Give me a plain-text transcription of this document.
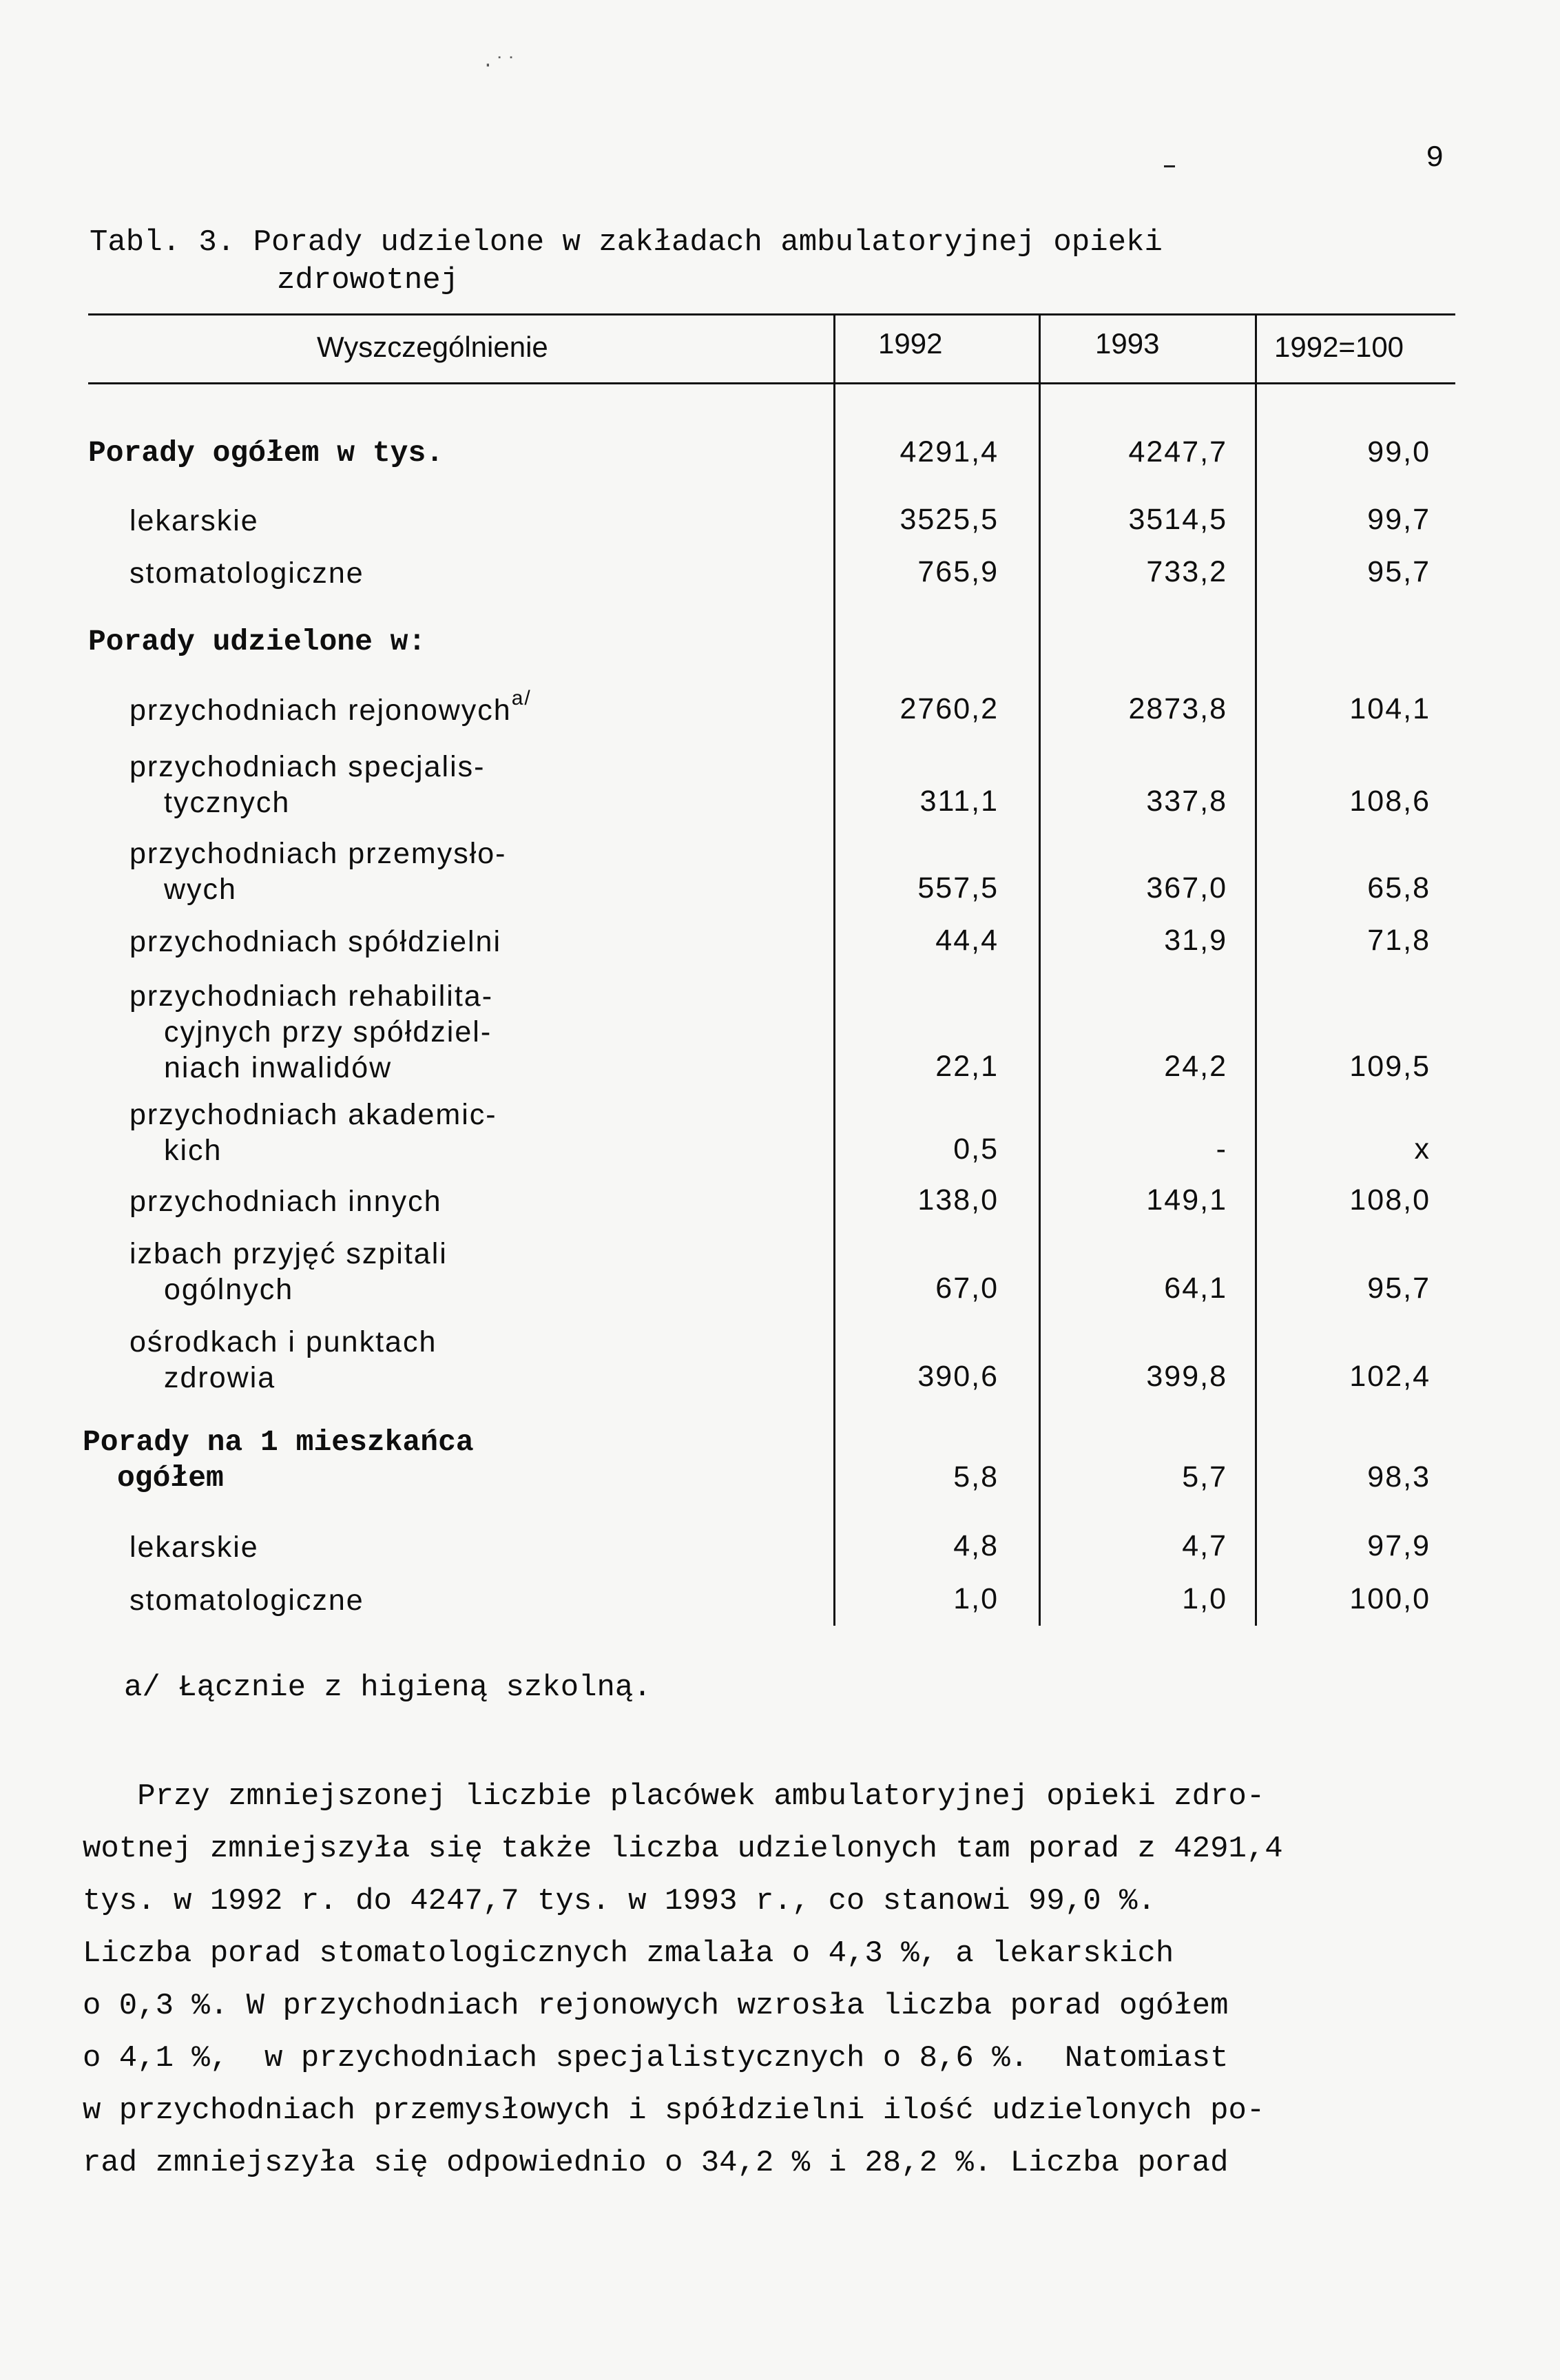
·˙˙
9
Tabl. 3. Porady udzielone w zakładach ambulatoryjnej opieki
zdrowotnej
Wyszczególnienie	1992	1993	1992=100
Porady ogółem w tys.	4291,4	4247,7	99,0
lekarskie	3525,5	3514,5	99,7
stomatologiczne	765,9	733,2	95,7
Porady udzielone w:
przychodniach rejonowych$^{a/}$	2760,2	2873,8	104,1
przychodniach specjalis-
tycznych	311,1	337,8	108,6
przychodniach przemysło-
wych	557,5	367,0	65,8
przychodniach spółdzielni	44,4	31,9	71,8
przychodniach rehabilita-
cyjnych przy spółdziel-
niach inwalidów	22,1	24,2	109,5
przychodniach akademic-
kich	0,5	-	x
przychodniach innych	138,0	149,1	108,0
izbach przyjęć szpitali
ogólnych	67,0	64,1	95,7
ośrodkach i punktach
zdrowia	390,6	399,8	102,4
Porady na 1 mieszkańca
ogółem	5,8	5,7	98,3
lekarskie	4,8	4,7	97,9
stomatologiczne	1,0	1,0	100,0
a/ Łącznie z higieną szkolną.
Przy zmniejszonej liczbie placówek ambulatoryjnej opieki zdro-
wotnej zmniejszyła się także liczba udzielonych tam porad z 4291,4
tys. w 1992 r. do 4247,7 tys. w 1993 r., co stanowi 99,0 %.
Liczba porad stomatologicznych zmalała o 4,3 %, a lekarskich
o 0,3 %. W przychodniach rejonowych wzrosła liczba porad ogółem
o 4,1 %,  w przychodniach specjalistycznych o 8,6 %.  Natomiast
w przychodniach przemysłowych i spółdzielni ilość udzielonych po-
rad zmniejszyła się odpowiednio o 34,2 % i 28,2 %. Liczba porad
